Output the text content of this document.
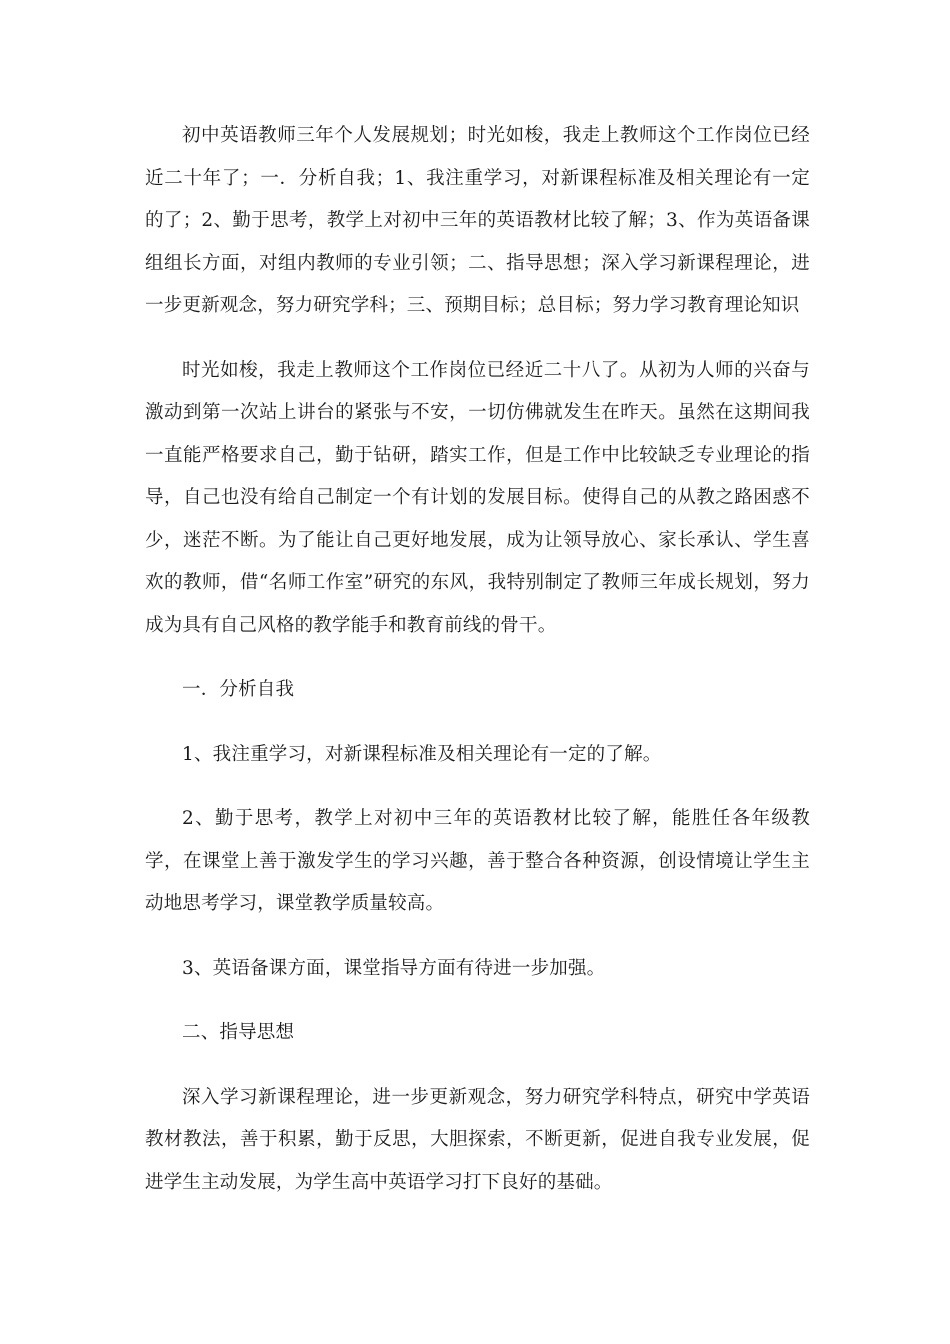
初中英语教师三年个人发展规划；时光如梭，我走上教师这个工作岗位已经近二十年了；一．分析自我；1、我注重学习，对新课程标准及相关理论有一定的了；2、勤于思考，教学上对初中三年的英语教材比较了解；3、作为英语备课组组长方面，对组内教师的专业引领；二、指导思想；深入学习新课程理论，进一步更新观念，努力研究学科；三、预期目标；总目标；努力学习教育理论知识

时光如梭，我走上教师这个工作岗位已经近二十八了。从初为人师的兴奋与激动到第一次站上讲台的紧张与不安，一切仿佛就发生在昨天。虽然在这期间我一直能严格要求自己，勤于钻研，踏实工作，但是工作中比较缺乏专业理论的指导，自己也没有给自己制定一个有计划的发展目标。使得自己的从教之路困惑不少，迷茫不断。为了能让自己更好地发展，成为让领导放心、家长承认、学生喜欢的教师，借“名师工作室”研究的东风，我特别制定了教师三年成长规划，努力成为具有自己风格的教学能手和教育前线的骨干。

一．分析自我

1、我注重学习，对新课程标准及相关理论有一定的了解。

2、勤于思考，教学上对初中三年的英语教材比较了解，能胜任各年级教学，在课堂上善于激发学生的学习兴趣，善于整合各种资源，创设情境让学生主动地思考学习，课堂教学质量较高。

3、英语备课方面，课堂指导方面有待进一步加强。

二、指导思想

深入学习新课程理论，进一步更新观念，努力研究学科特点，研究中学英语教材教法，善于积累，勤于反思，大胆探索，不断更新，促进自我专业发展，促进学生主动发展，为学生高中英语学习打下良好的基础。
